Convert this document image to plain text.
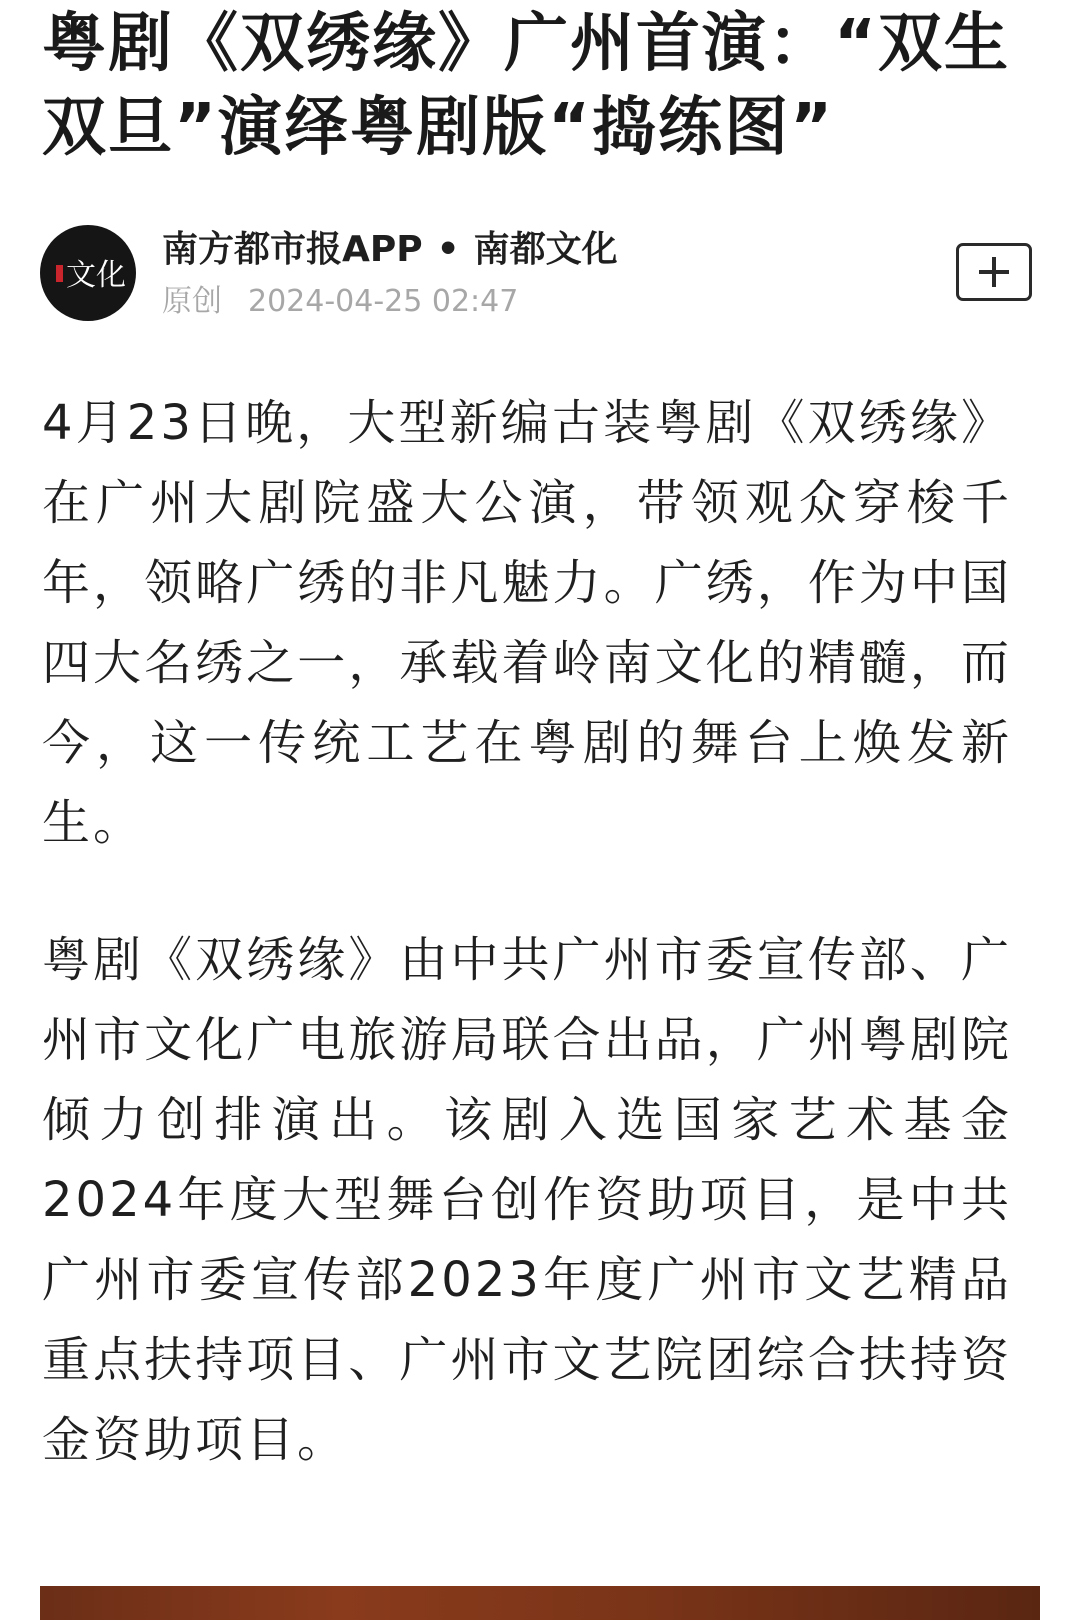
粤剧《双绣缘》广州首演：“双生双旦”演绎粤剧版“捣练图”
文化
南方都市报APP • 南都文化
原创 2024-04-25 02:47

4月23日晚，大型新编古装粤剧《双绣缘》在广州大剧院盛大公演，带领观众穿梭千年，领略广绣的非凡魅力。广绣，作为中国四大名绣之一，承载着岭南文化的精髓，而今，这一传统工艺在粤剧的舞台上焕发新生。

粤剧《双绣缘》由中共广州市委宣传部、广州市文化广电旅游局联合出品，广州粤剧院倾力创排演出。该剧入选国家艺术基金2024年度大型舞台创作资助项目，是中共广州市委宣传部2023年度广州市文艺精品重点扶持项目、广州市文艺院团综合扶持资金资助项目。
